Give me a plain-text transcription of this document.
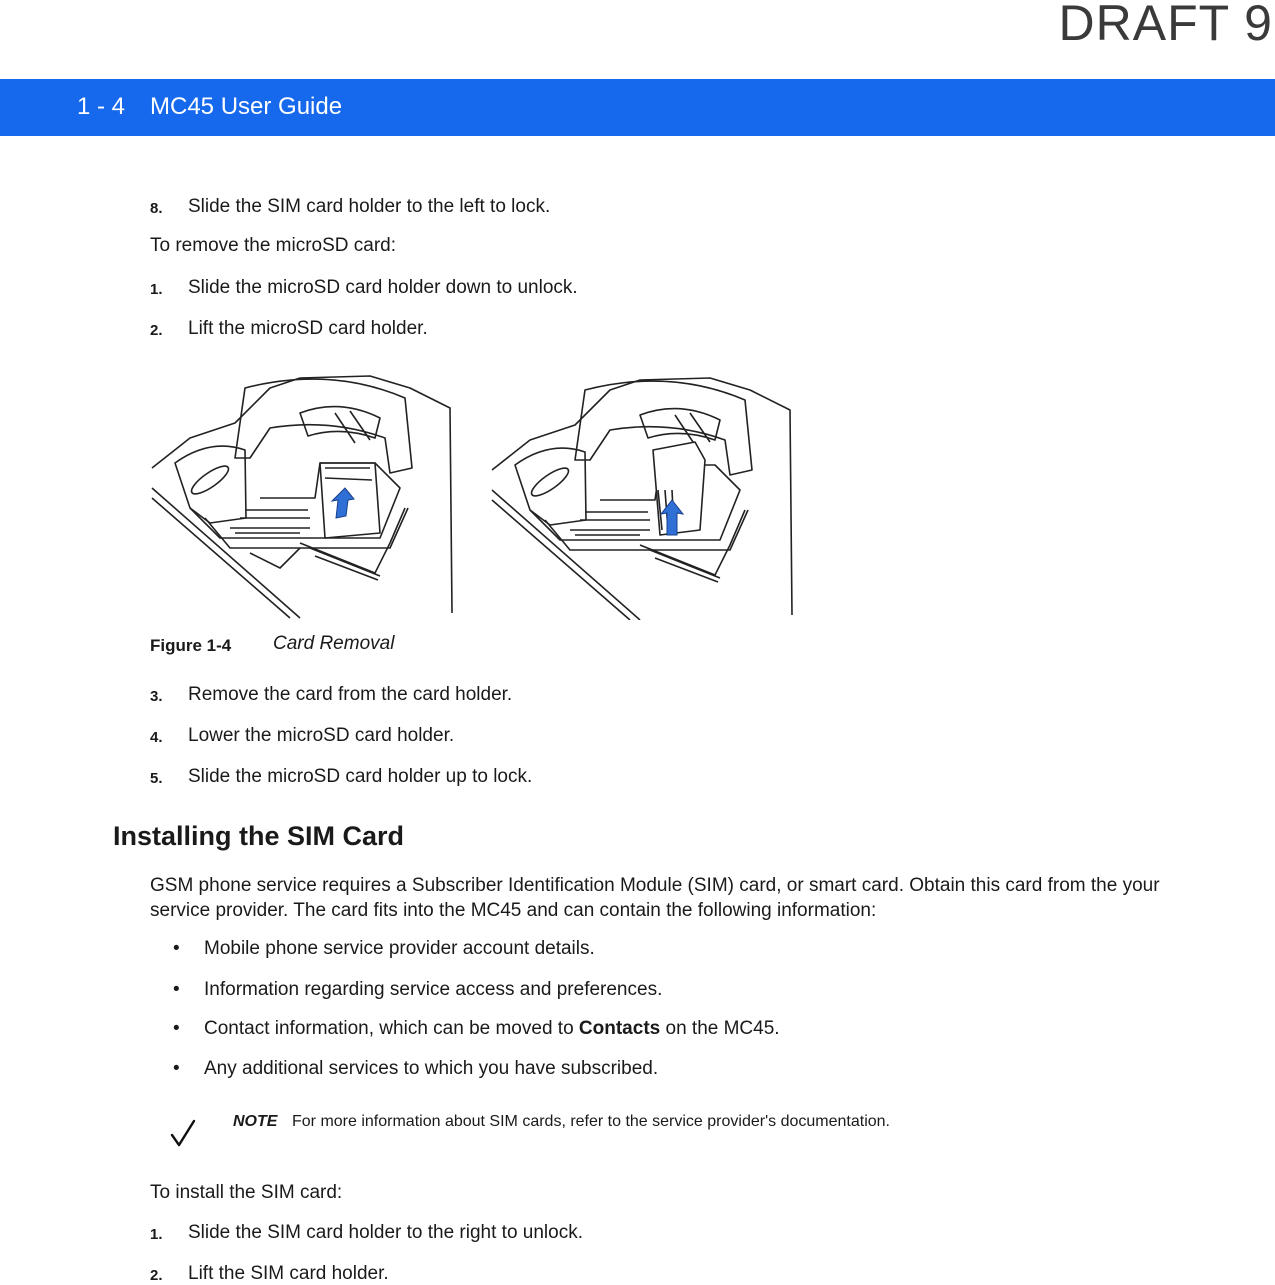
DRAFT 9
1 - 4 MC45 User Guide
8. Slide the SIM card holder to the left to lock.
To remove the microSD card:
1. Slide the microSD card holder down to unlock.
2. Lift the microSD card holder.
Figure 1-4 Card Removal
3. Remove the card from the card holder.
4. Lower the microSD card holder.
5. Slide the microSD card holder up to lock.
Installing the SIM Card
GSM phone service requires a Subscriber Identification Module (SIM) card, or smart card. Obtain this card from the your service provider. The card fits into the MC45 and can contain the following information:
• Mobile phone service provider account details.
• Information regarding service access and preferences.
• Contact information, which can be moved to Contacts on the MC45.
• Any additional services to which you have subscribed.
NOTE For more information about SIM cards, refer to the service provider's documentation.
To install the SIM card:
1. Slide the SIM card holder to the right to unlock.
2. Lift the SIM card holder.
